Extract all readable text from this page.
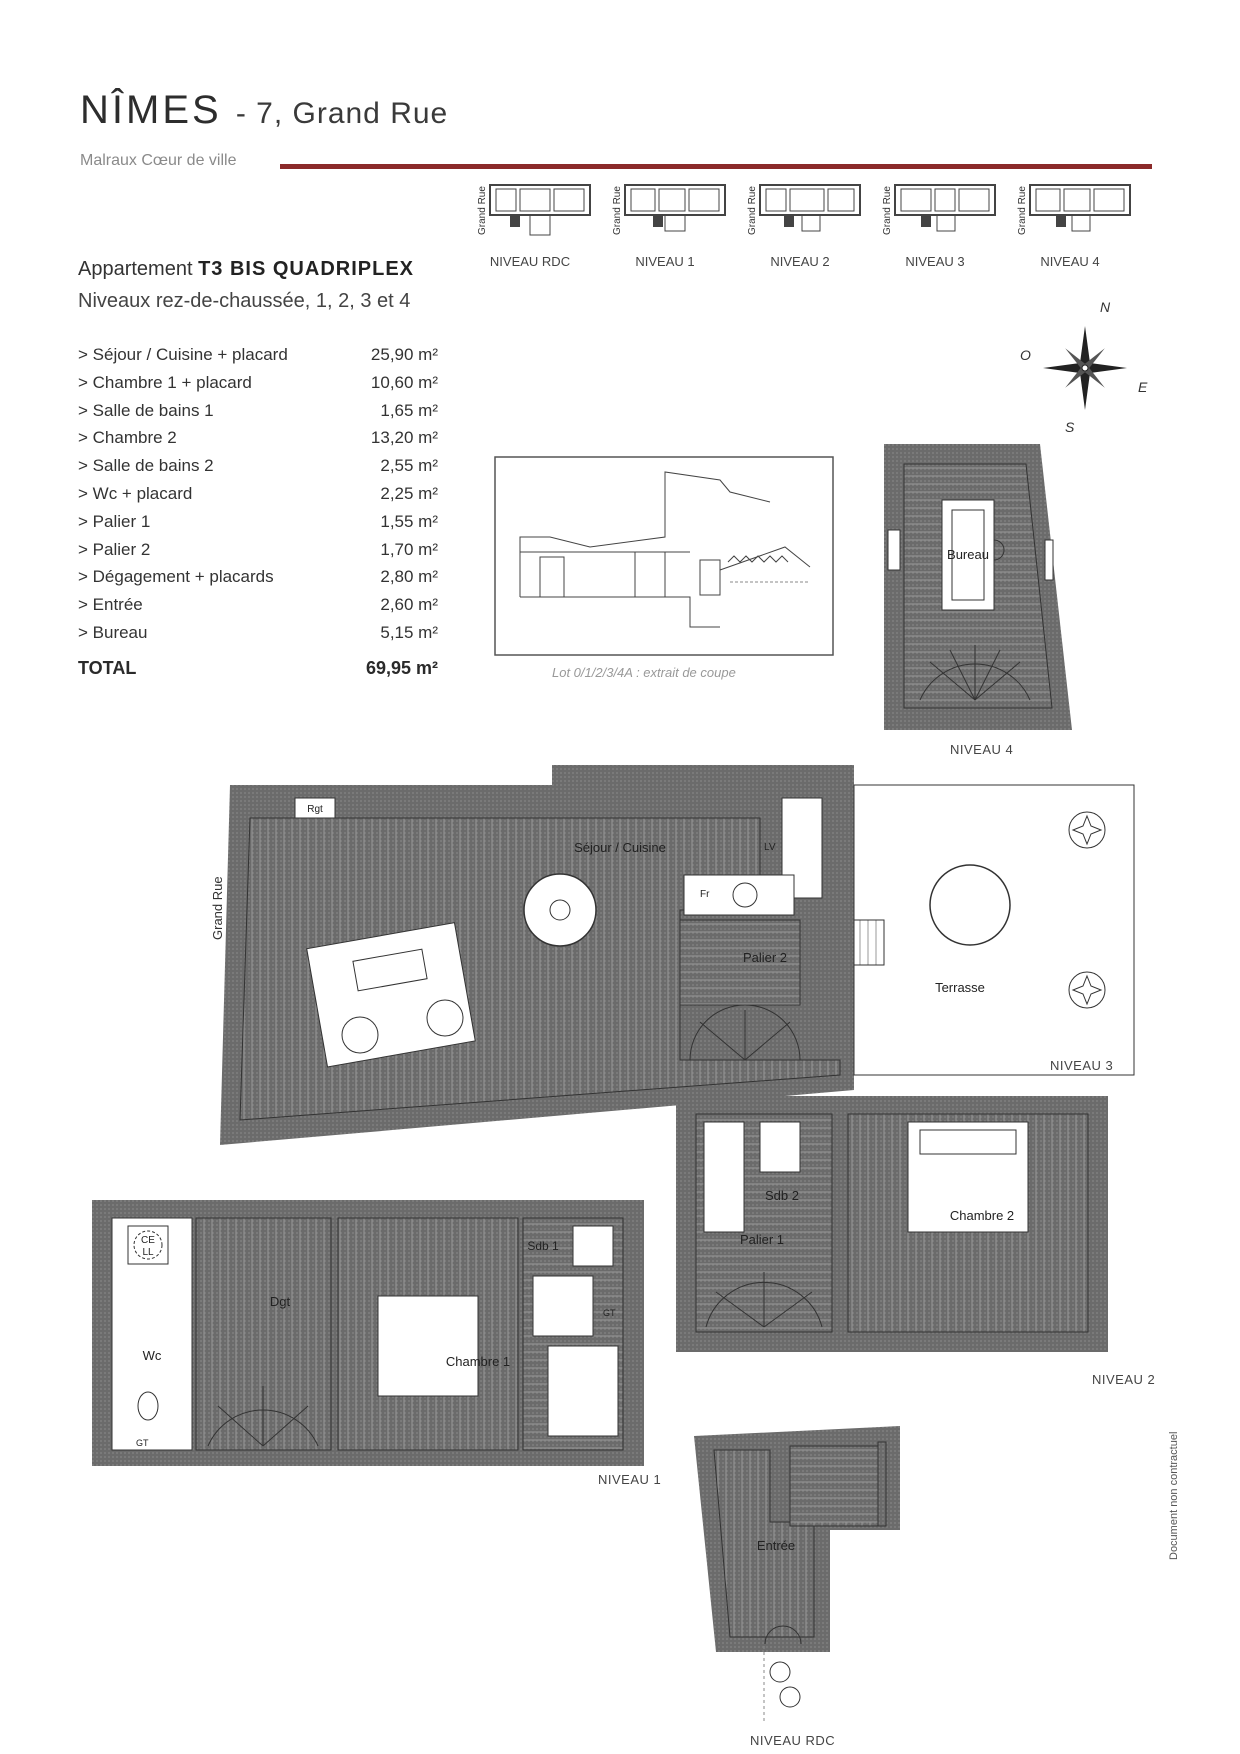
NÎMES - 7, Grand Rue
Malraux Cœur de ville
Appartement T3 BIS QUADRIPLEX
Niveaux rez-de-chaussée, 1, 2, 3 et 4
> Séjour / Cuisine + placard	25,90 m²
> Chambre 1 + placard	10,60 m²
> Salle de bains 1	1,65 m²
> Chambre 2	13,20 m²
> Salle de bains 2	2,55 m²
> Wc + placard	2,25 m²
> Palier 1	1,55 m²
> Palier 2	1,70 m²
> Dégagement + placards	2,80 m²
> Entrée	2,60 m²
> Bureau	5,15 m²
TOTAL	69,95 m²
Grand Rue
NIVEAU RDC
Grand Rue
NIVEAU 1
Grand Rue
NIVEAU 2
Grand Rue
NIVEAU 3
Grand Rue
NIVEAU 4
N
S
E
O
Lot 0/1/2/3/4A : extrait de coupe
Bureau
NIVEAU 4
Rgt
LV
Fr
Séjour / Cuisine
Palier 2
Terrasse
Grand Rue
NIVEAU 3
Sdb 2
Palier 1
Chambre 2
NIVEAU 2
CE
LL
Wc
GT
Dgt
Chambre 1
Sdb 1
GT
NIVEAU 1
Entrée
NIVEAU RDC
Document non contractuel
